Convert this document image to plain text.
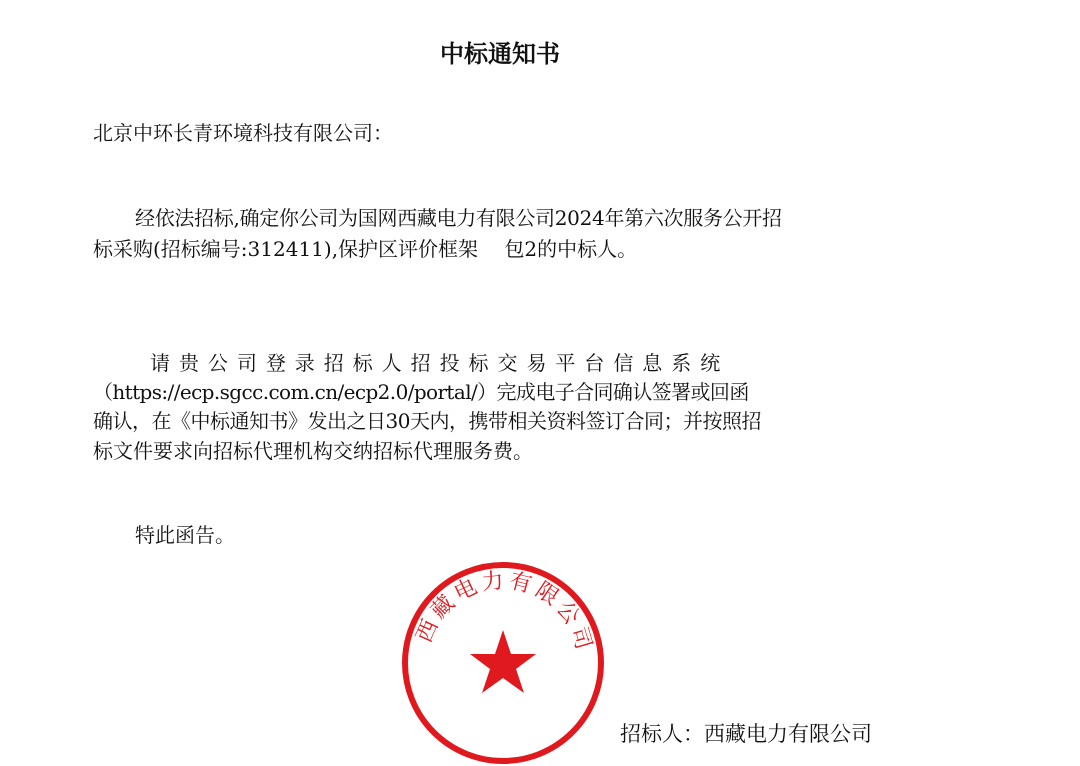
中标通知书
北京中环长青环境科技有限公司：
经依法招标,确定你公司为国网西藏电力有限公司2024年第六次服务公开招
标采购(招标编号:312411),保护区评价框架　 包2的中标人。
请 贵 公 司 登 录 招 标 人 招 投 标 交 易 平 台 信 息 系 统
（https://ecp.sgcc.com.cn/ecp2.0/portal/）完成电子合同确认签署或回函
确认，在《中标通知书》发出之日30天内，携带相关资料签订合同；并按照招
标文件要求向招标代理机构交纳招标代理服务费。
特此函告。
西藏电力有限公司
招标人：西藏电力有限公司
